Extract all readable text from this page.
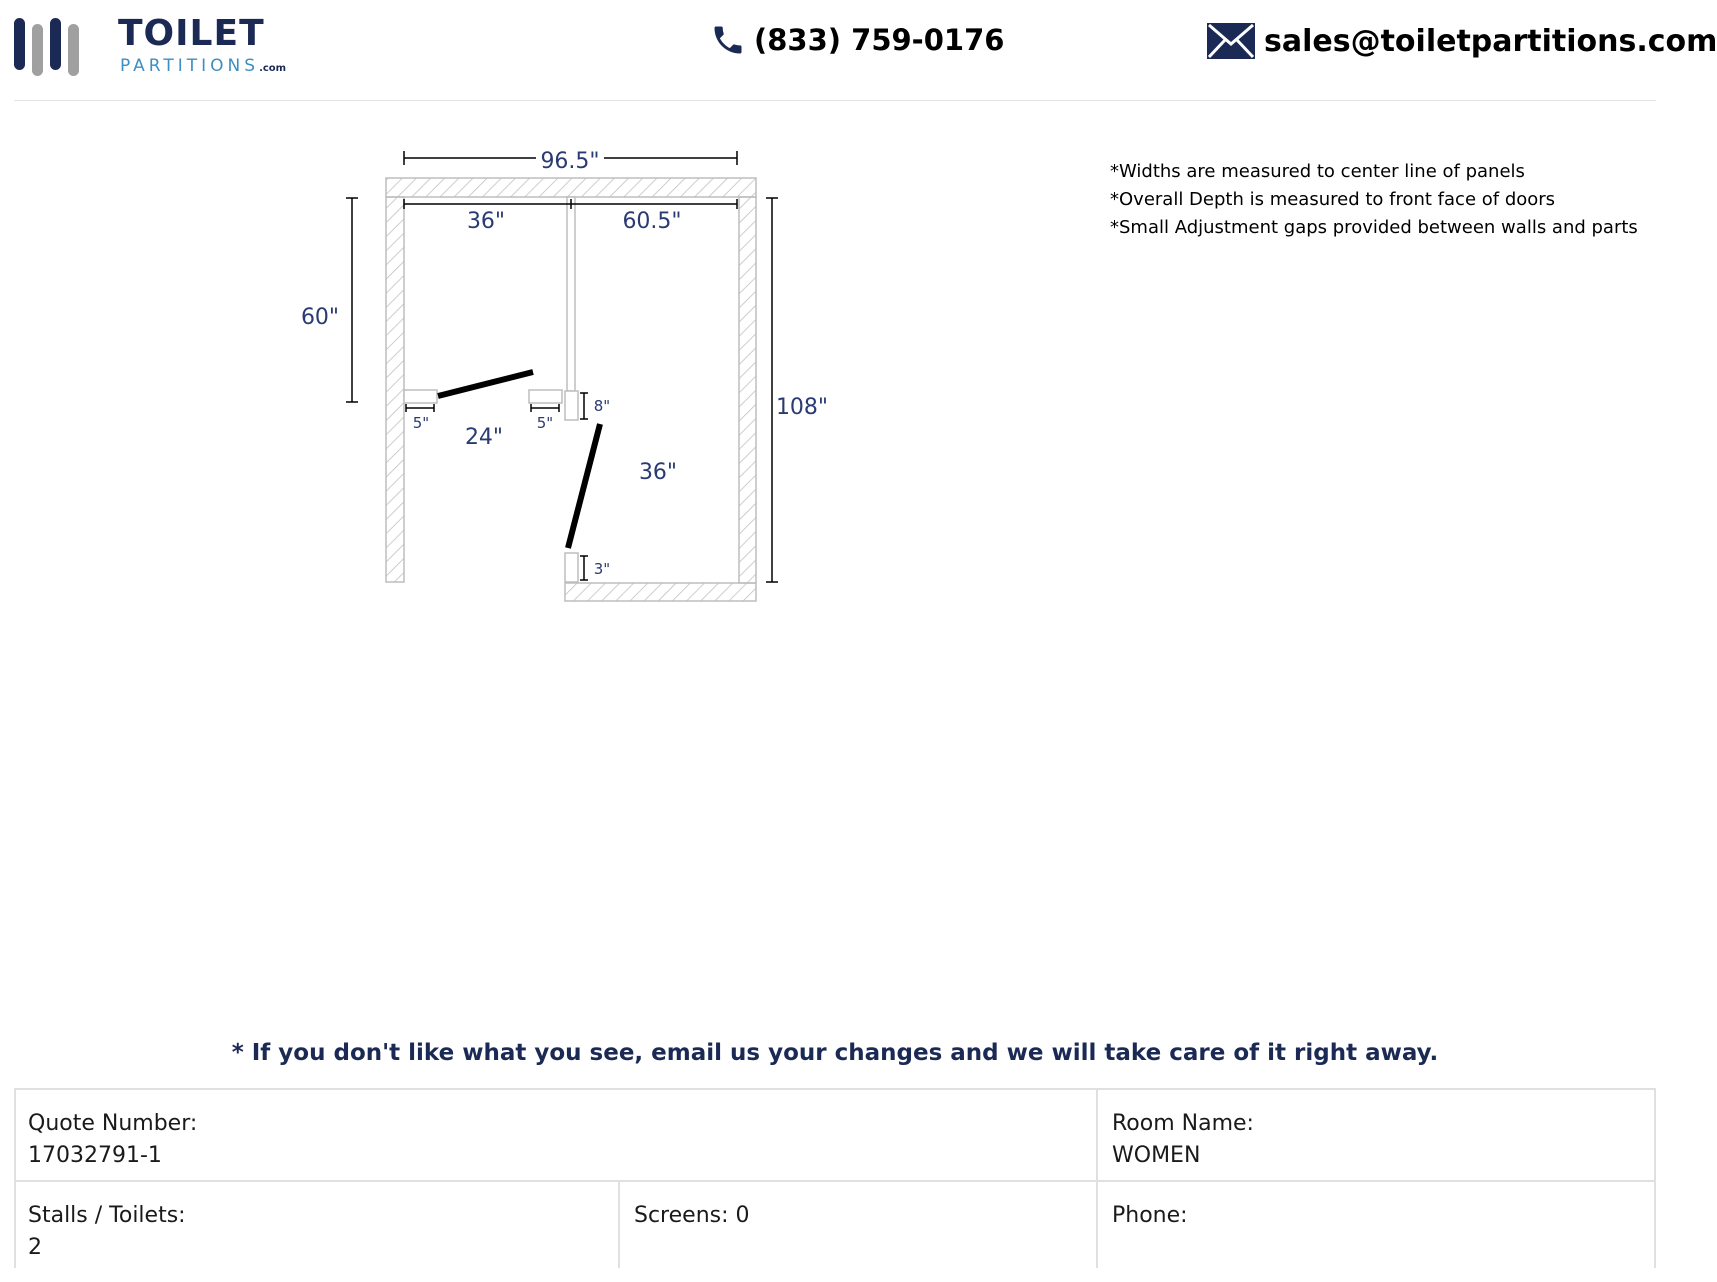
TOILET
PARTITIONS.com
(833) 759-0176	sales@toiletpartitions.com
96.5"
36"	60.5"
60"
108"
5"	5"
24"
8"
36"
3"
*Widths are measured to center line of panels
*Overall Depth is measured to front face of doors
*Small Adjustment gaps provided between walls and parts
* If you don't like what you see, email us your changes and we will take care of it right away.
Quote Number:
17032791-1
Room Name:
WOMEN
Stalls / Toilets:
2
Screens: 0	Phone:
